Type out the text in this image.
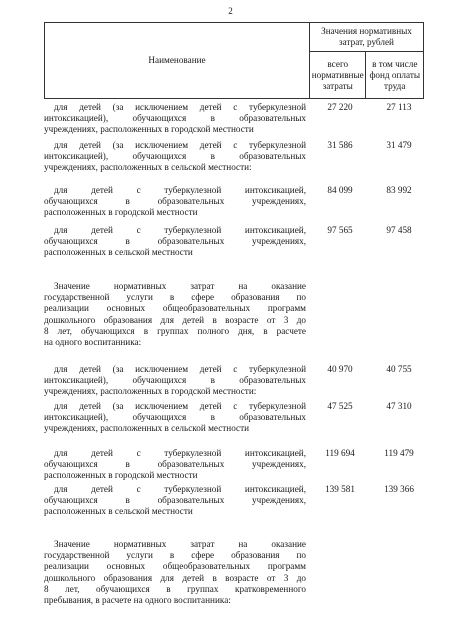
2
Наименование	Значения нормативных затрат, рублей	
	всего нормативные затраты	в том числе фонд оплаты труда
для детей (за исключением детей с туберкулезной
интоксикацией), обучающихся в образовательных
учреждениях, расположенных в городской местности
27 220	27 113
для детей (за исключением детей с туберкулезной
интоксикацией), обучающихся в образовательных
учреждениях, расположенных в сельской местности:
31 586	31 479
для детей с туберкулезной интоксикацией,
обучающихся в образовательных учреждениях,
расположенных в городской местности
84 099	83 992
для детей с туберкулезной интоксикацией,
обучающихся в образовательных учреждениях,
расположенных в сельской местности
97 565	97 458
Значение нормативных затрат на оказание
государственной услуги в сфере образования по
реализации основных общеобразовательных программ
дошкольного образования для детей в возрасте от 3 до
8 лет, обучающихся в группах полного дня, в расчете
на одного воспитанника:
для детей (за исключением детей с туберкулезной
интоксикацией), обучающихся в образовательных
учреждениях, расположенных в городской местности:
40 970	40 755
для детей (за исключением детей с туберкулезной
интоксикацией), обучающихся в образовательных
учреждениях, расположенных в сельской местности
47 525	47 310
для детей с туберкулезной интоксикацией,
обучающихся в образовательных учреждениях,
расположенных в городской местности
119 694	119 479
для детей с туберкулезной интоксикацией,
обучающихся в образовательных учреждениях,
расположенных в сельской местности
139 581	139 366
Значение нормативных затрат на оказание
государственной услуги в сфере образования по
реализации основных общеобразовательных программ
дошкольного образования для детей в возрасте от 3 до
8 лет, обучающихся в группах кратковременного
пребывания, в расчете на одного воспитанника:
